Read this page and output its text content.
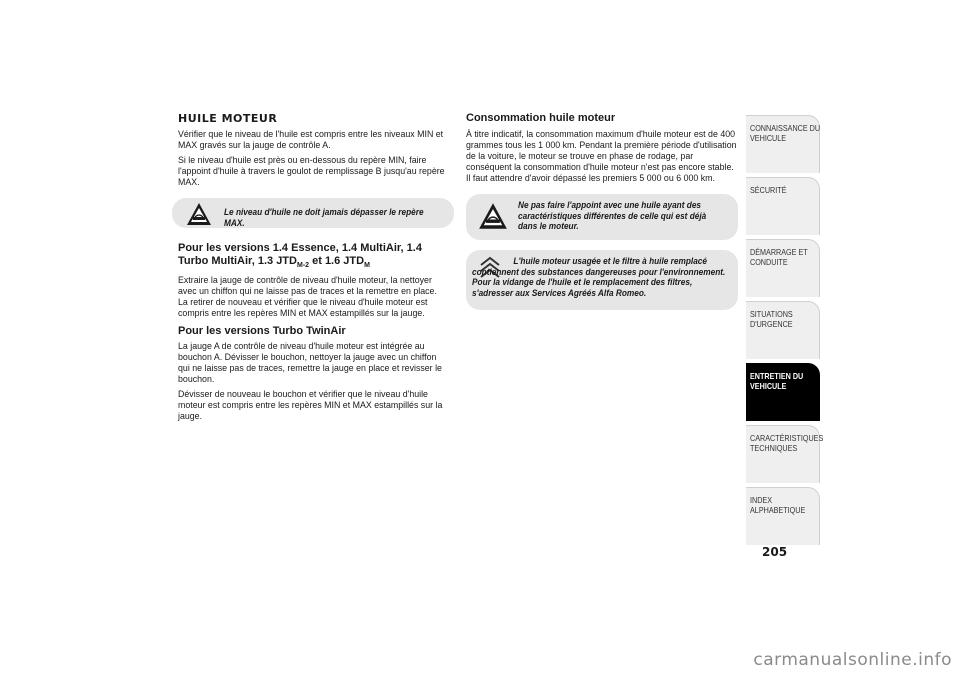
HUILE MOTEUR

Vérifier que le niveau de l'huile est compris entre les niveaux MIN et MAX gravés sur la jauge de contrôle A.

Si le niveau d'huile est près ou en-dessous du repère MIN, faire l'appoint d'huile à travers le goulot de remplissage B jusqu'au repère MAX.

Le niveau d'huile ne doit jamais dépasser le repère MAX.
Pour les versions 1.4 Essence, 1.4 MultiAir, 1.4 Turbo MultiAir, 1.3 $JTD_{M-2}$ et 1.6 $JTD_M$

Extraire la jauge de contrôle de niveau d'huile moteur, la nettoyer avec un chiffon qui ne laisse pas de traces et la remettre en place. La retirer de nouveau et vérifier que le niveau d'huile moteur est compris entre les repères MIN et MAX estampillés sur la jauge.

Pour les versions Turbo TwinAir

La jauge A de contrôle de niveau d'huile moteur est intégrée au bouchon A. Dévisser le bouchon, nettoyer la jauge avec un chiffon qui ne laisse pas de traces, remettre la jauge en place et revisser le bouchon.

Dévisser de nouveau le bouchon et vérifier que le niveau d'huile moteur est compris entre les repères MIN et MAX estampillés sur la jauge.

Consommation huile moteur

À titre indicatif, la consommation maximum d'huile moteur est de 400 grammes tous les 1 000 km. Pendant la première période d'utilisation de la voiture, le moteur se trouve en phase de rodage, par conséquent la consommation d'huile moteur n'est pas encore stable. Il faut attendre d'avoir dépassé les premiers 5 000 ou 6 000 km.

Ne pas faire l'appoint avec une huile ayant des caractéristiques différentes de celle qui est déjà dans le moteur.
L'huile moteur usagée et le filtre à huile remplacé contiennent des substances dangereuses pour l'environnement. Pour la vidange de l'huile et le remplacement des filtres, s'adresser aux Services Agréés Alfa Romeo.
CONNAISSANCE DU
VEHICULE
SÉCURITÉ
DÉMARRAGE ET
CONDUITE
SITUATIONS
D'URGENCE
ENTRETIEN DU
VEHICULE
CARACTÉRISTIQUES
TECHNIQUES
INDEX
ALPHABETIQUE
205
carmanualsonline.info
